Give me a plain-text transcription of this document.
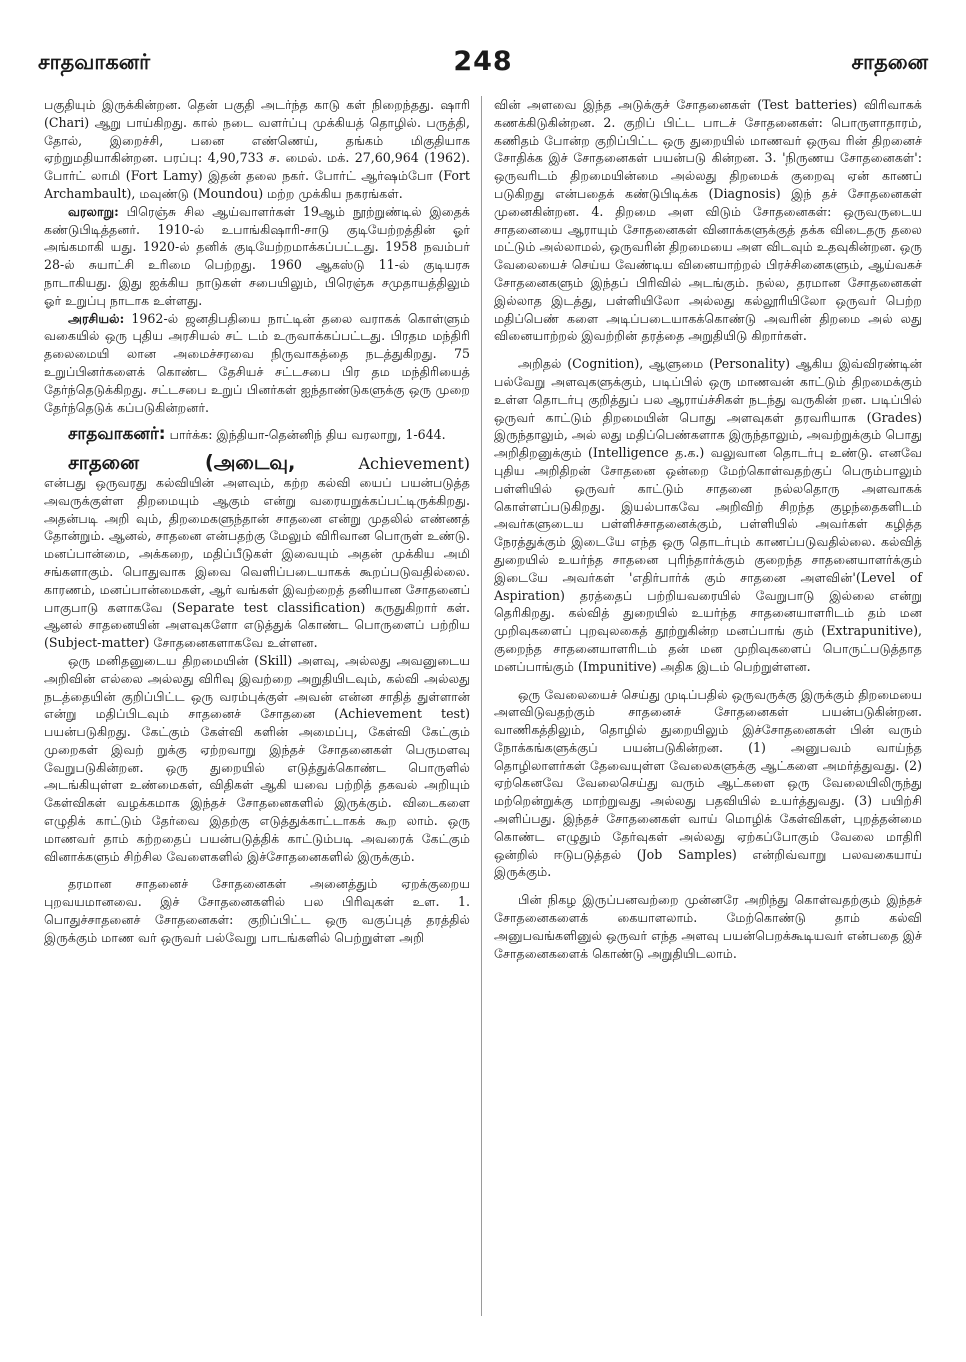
சாதவாகனர்	248	சாதனை

பகுதியும் இருக்கின்றன. தென் பகுதி அடர்ந்த காடு கள் நிறைந்தது. ஷாரி (Chari) ஆறு பாய்கிறது. கால் நடை வளர்ப்பு முக்கியத் தொழில். பருத்தி, தோல், இறைச்சி, பனை எண்ணெய், தங்கம் மிகுதியாக ஏற்றுமதியாகின்றன. பரப்பு: 4,90,733 ச. மைல். மக். 27,60,964 (1962). போர்ட் லாமி (Fort Lamy) இதன் தலை நகர். போர்ட் ஆர்ஷம்போ (Fort Archambault), மவுண்டு (Moundou) மற்ற முக்கிய நகரங்கள்.

வரலாறு: பிரெஞ்சு சில ஆய்வாளர்கள் 19ஆம் நூற்றுண்டில் இதைக் கண்டுபிடித்தனர். 1910-ல் உபாங்கிஷாரி-சாடு குடியேற்றத்தின் ஓர் அங்கமாகி யது. 1920-ல் தனிக் குடியேற்றமாக்கப்பட்டது. 1958 நவம்பர் 28-ல் சுயாட்சி உரிமை பெற்றது. 1960 ஆகஸ்டு 11-ல் குடியரசு நாடாகியது. இது ஐக்கிய நாடுகள் சபையிலும், பிரெஞ்சு சமுதாயத்திலும் ஓர் உறுப்பு நாடாக உள்ளது.

அரசியல்: 1962-ல் ஜனதிபதியை நாட்டின் தலை வராகக் கொள்ளும் வகையில் ஒரு புதிய அரசியல் சட் டம் உருவாக்கப்பட்டது. பிரதம மந்திரி தலைமையி லான அமைச்சரவை நிருவாகத்தை நடத்துகிறது. 75 உறுப்பினர்களைக் கொண்ட தேசியச் சட்டசபை பிர தம மந்திரியைத் தேர்ந்தெடுக்கிறது. சட்டசபை உறுப் பினர்கள் ஐந்தாண்டுகளுக்கு ஒரு முறை தேர்ந்தெடுக் கப்படுகின்றனர்.

சாதவாகனர்: பார்க்க: இந்தியா-தென்னிந் திய வரலாறு, 1-644.

சாதனை (அடைவு,	Achievement)

என்பது ஒருவரது கல்வியின் அளவும், கற்ற கல்வி யைப் பயன்படுத்த அவருக்குள்ள திறமையும் ஆகும் என்று வரையறுக்கப்பட்டிருக்கிறது. அதன்படி அறி வும், திறமைகளுந்தான் சாதனை என்று முதலில் எண்ணத் தோன்றும். ஆனல், சாதனை என்பதற்கு மேலும் விரிவான பொருள் உண்டு. மனப்பான்மை, அக்கறை, மதிப்பீடுகள் இவையும் அதன் முக்கிய அமி சங்களாகும். பொதுவாக இவை வெளிப்படையாகக் கூறப்படுவதில்லை. காரணம், மனப்பான்மைகள், ஆர் வங்கள் இவற்றைத் தனியான சோதனைப் பாகுபாடு களாகவே (Separate test classification) கருதுகிறார் கள். ஆனல் சாதனையின் அளவுகளோ எடுத்துக் கொண்ட பொருளைப் பற்றிய (Subject-matter) சோதனைகளாகவே உள்ளன.

ஒரு மனிதனுடைய திறமையின் (Skill) அளவு, அல்லது அவனுடைய அறிவின் எல்லை அல்லது விரிவு இவற்றை அறுதியிடவும், கல்வி அல்லது நடத்தையின் குறிப்பிட்ட ஒரு வரம்புக்குள் அவன் என்ன சாதித் துள்ளான் என்று மதிப்பிடவும் சாதனைச் சோதனை (Achievement test) பயன்படுகிறது. கேட்கும் கேள்வி களின் அமைப்பு, கேள்வி கேட்கும் முறைகள் இவற் றுக்கு ஏற்றவாறு இந்தச் சோதனைகள் பெருமளவு வேறுபடுகின்றன. ஒரு துறையில் எடுத்துக்கொண்ட பொருளில் அடங்கியுள்ள உண்மைகள், விதிகள் ஆகி யவை பற்றித் தகவல் அறியும் கேள்விகள் வழக்கமாக இந்தச் சோதனைகளில் இருக்கும். விடைகளை எழுதிக் காட்டும் தேர்வை இதற்கு எடுத்துக்காட்டாகக் கூற லாம். ஒரு மாணவர் தாம் கற்றதைப் பயன்படுத்திக் காட்டும்படி அவரைக் கேட்கும் வினாக்களும் சிற்சில வேளைகளில் இச்சோதனைகளில் இருக்கும்.

தரமான சாதனைச் சோதனைகள் அனைத்தும் ஏறக்குறைய புறவயமானவை. இச் சோதனைகளில் பல பிரிவுகள் உள. 1. பொதுச்சாதனைச் சோதனைகள்: குறிப்பிட்ட ஒரு வகுப்புத் தரத்தில் இருக்கும் மாண வர் ஒருவர் பல்வேறு பாடங்களில் பெற்றுள்ள அறி

வின் அளவை இந்த அடுக்குச் சோதனைகள் (Test batteries) விரிவாகக் கணக்கிடுகின்றன. 2. குறிப் பிட்ட பாடச் சோதனைகள்: பொருளாதாரம், கணிதம் போன்ற குறிப்பிட்ட ஒரு துறையில் மாணவர் ஒருவ ரின் திறனைச் சோதிக்க இச் சோதனைகள் பயன்படு கின்றன. 3. 'நிருணய சோதனைகள்': ஒருவரிடம் திறமையின்மை அல்லது திறமைக் குறைவு ஏன் காணப் படுகிறது என்பதைக் கண்டுபிடிக்க (Diagnosis) இந் தச் சோதனைகள் முனைகின்றன. 4. திறமை அள விடும் சோதனைகள்: ஒருவருடைய சாதனையை ஆராயும் சோதனைகள் வினாக்களுக்குத் தக்க விடைதரு தலை மட்டும் அல்லாமல், ஒருவரின் திறமையை அள விடவும் உதவுகின்றன. ஒரு வேலையைச் செய்ய வேண்டிய வினையாற்றல் பிரச்சினைகளும், ஆய்வகச் சோதனைகளும் இந்தப் பிரிவில் அடங்கும். நல்ல, தரமான சோதனைகள் இல்லாத இடத்து, பள்ளியிலோ அல்லது கல்லூரியிலோ ஒருவர் பெற்ற மதிப்பெண் களை அடிப்படையாகக்கொண்டு அவரின் திறமை அல் லது வினையாற்றல் இவற்றின் தரத்தை அறுதியிடு கிறார்கள்.

அறிதல் (Cognition), ஆளுமை (Personality) ஆகிய இவ்விரண்டின் பல்வேறு அளவுகளுக்கும், படிப்பில் ஒரு மாணவன் காட்டும் திறமைக்கும் உள்ள தொடர்பு குறித்துப் பல ஆராய்ச்சிகள் நடந்து வருகின் றன. படிப்பில் ஒருவர் காட்டும் திறமையின் பொது அளவுகள் தரவரியாக (Grades) இருந்தாலும், அல் லது மதிப்பெண்களாக இருந்தாலும், அவற்றுக்கும் பொது அறிதிறனுக்கும் (Intelligence த.க.) வலுவான தொடர்பு உண்டு. எனவே புதிய அறிதிறன் சோதனை ஒன்றை மேற்கொள்வதற்குப் பெரும்பாலும் பள்ளியில் ஒருவர் காட்டும் சாதனை நல்லதொரு அளவாகக் கொள்ளப்படுகிறது. இயல்பாகவே அறிவிற் சிறந்த குழந்தைகளிடம் அவர்களுடைய பள்ளிச்சாதனைக்கும், பள்ளியில் அவர்கள் கழித்த நேரத்துக்கும் இடையே எந்த ஒரு தொடர்பும் காணப்படுவதில்லை. கல்வித் துறையில் உயர்ந்த சாதனை புரிந்தார்க்கும் குறைந்த சாதனையாளர்க்கும் இடையே அவர்கள் 'எதிர்பார்க் கும் சாதனை அளவின்'(Level of Aspiration) தரத்தைப் பற்றியவரையில் வேறுபாடு இல்லை என்று தெரிகிறது. கல்வித் துறையில் உயர்ந்த சாதனையாளரிடம் தம் மன முறிவுகளைப் புறவுலகைத் தூற்றுகின்ற மனப்பாங் கும் (Extrapunitive), குறைந்த சாதனையாளரிடம் தன் மன முறிவுகளைப் பொருட்படுத்தாத மனப்பாங்கும் (Impunitive) அதிக இடம் பெற்றுள்ளன.

ஒரு வேலையைச் செய்து முடிப்பதில் ஒருவருக்கு இருக்கும் திறமையை அளவிடுவதற்கும் சாதனைச் சோதனைகள் பயன்படுகின்றன. வாணிகத்திலும், தொழில் துறையிலும் இச்சோதனைகள் பின் வரும் நோக்கங்களுக்குப் பயன்படுகின்றன. (1) அனுபவம் வாய்ந்த தொழிலாளர்கள் தேவையுள்ள வேலைகளுக்கு ஆட்களை அமர்த்துவது. (2) ஏற்கெனவே வேலைசெய்து வரும் ஆட்களை ஒரு வேலையிலிருந்து மற்றென்றுக்கு மாற்றுவது அல்லது பதவியில் உயர்த்துவது. (3) பயிற்சி அளிப்பது. இந்தச் சோதனைகள் வாய் மொழிக் கேள்விகள், புறத்தன்மை கொண்ட எழுதும் தேர்வுகள் அல்லது ஏற்கப்போகும் வேலை மாதிரி ஒன்றில் ஈடுபடுத்தல் (Job Samples) என்றிவ்வாறு பலவகையாய் இருக்கும்.

பின் நிகழ இருப்பனவற்றை முன்னரே அறிந்து கொள்வதற்கும் இந்தச் சோதனைகளைக் கையாளலாம். மேற்கொண்டு தாம் கல்வி அனுபவங்களினுல் ஒருவர் எந்த அளவு பயன்பெறக்கூடியவர் என்பதை இச் சோதனைகளைக் கொண்டு அறுதியிடலாம்.
